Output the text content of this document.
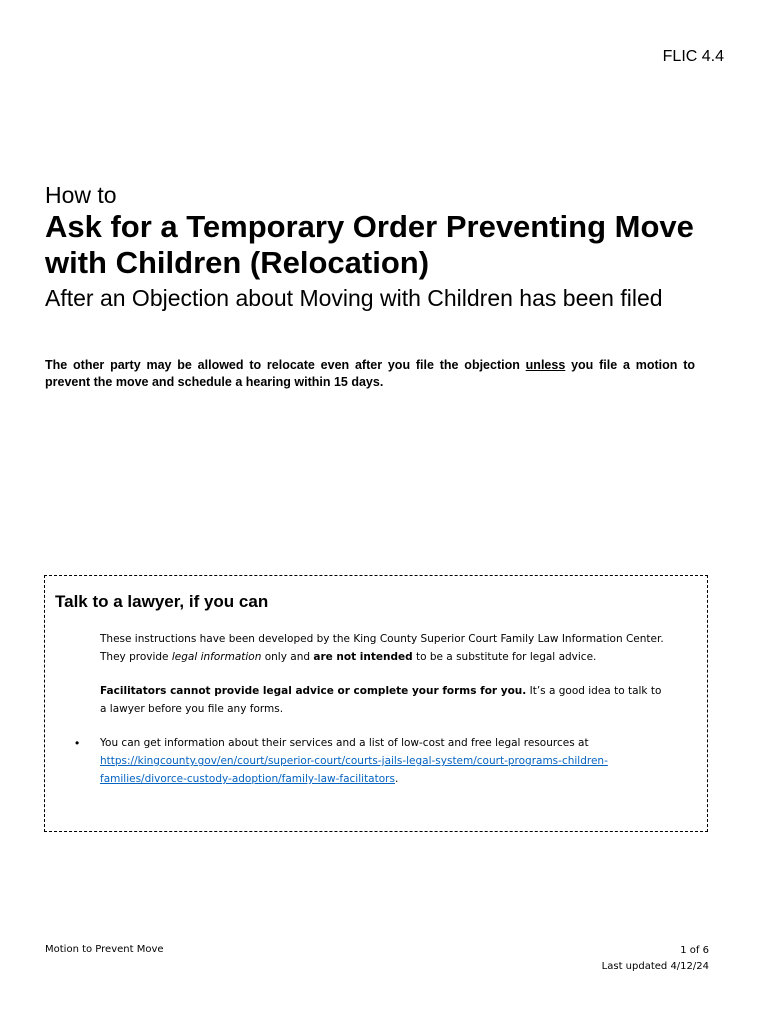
FLIC 4.4
How to
Ask for a Temporary Order Preventing Move with Children (Relocation)
After an Objection about Moving with Children has been filed
The other party may be allowed to relocate even after you file the objection unless you file a motion to prevent the move and schedule a hearing within 15 days.
Talk to a lawyer, if you can
These instructions have been developed by the King County Superior Court Family Law Information Center. They provide legal information only and are not intended to be a substitute for legal advice.
Facilitators cannot provide legal advice or complete your forms for you. It’s a good idea to talk to a lawyer before you file any forms.
• You can get information about their services and a list of low-cost and free legal resources at https://kingcounty.gov/en/court/superior-court/courts-jails-legal-system/court-programs-children-families/divorce-custody-adoption/family-law-facilitators.
Motion to Prevent Move	1 of 6
Last updated 4/12/24
